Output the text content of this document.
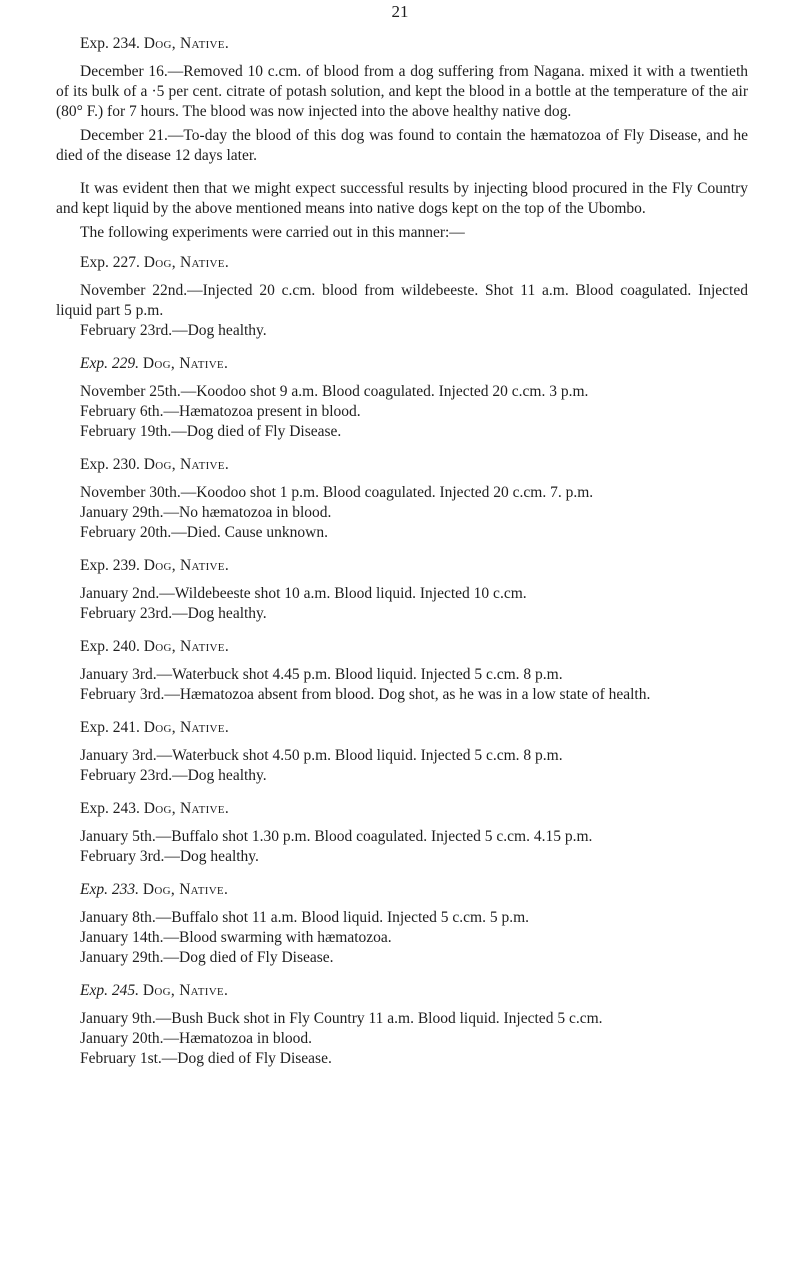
21
Exp. 234. Dog, Native.

December 16.—Removed 10 c.cm. of blood from a dog suffering from Nagana. mixed it with a twentieth of its bulk of a ·5 per cent. citrate of potash solution, and kept the blood in a bottle at the temperature of the air (80° F.) for 7 hours. The blood was now injected into the above healthy native dog.

December 21.—To-day the blood of this dog was found to contain the hæmatozoa of Fly Disease, and he died of the disease 12 days later.

It was evident then that we might expect successful results by injecting blood procured in the Fly Country and kept liquid by the above mentioned means into native dogs kept on the top of the Ubombo.

The following experiments were carried out in this manner:—

Exp. 227. Dog, Native.

November 22nd.—Injected 20 c.cm. blood from wildebeeste. Shot 11 a.m. Blood coagulated. Injected liquid part 5 p.m.

February 23rd.—Dog healthy.

Exp. 229. Dog, Native.

November 25th.—Koodoo shot 9 a.m. Blood coagulated. Injected 20 c.cm. 3 p.m.

February 6th.—Hæmatozoa present in blood.

February 19th.—Dog died of Fly Disease.

Exp. 230. Dog, Native.

November 30th.—Koodoo shot 1 p.m. Blood coagulated. Injected 20 c.cm. 7. p.m.

January 29th.—No hæmatozoa in blood.

February 20th.—Died. Cause unknown.

Exp. 239. Dog, Native.

January 2nd.—Wildebeeste shot 10 a.m. Blood liquid. Injected 10 c.cm.

February 23rd.—Dog healthy.

Exp. 240. Dog, Native.

January 3rd.—Waterbuck shot 4.45 p.m. Blood liquid. Injected 5 c.cm. 8 p.m.

February 3rd.—Hæmatozoa absent from blood. Dog shot, as he was in a low state of health.

Exp. 241. Dog, Native.

January 3rd.—Waterbuck shot 4.50 p.m. Blood liquid. Injected 5 c.cm. 8 p.m.

February 23rd.—Dog healthy.

Exp. 243. Dog, Native.

January 5th.—Buffalo shot 1.30 p.m. Blood coagulated. Injected 5 c.cm. 4.15 p.m.

February 3rd.—Dog healthy.

Exp. 233. Dog, Native.

January 8th.—Buffalo shot 11 a.m. Blood liquid. Injected 5 c.cm. 5 p.m.

January 14th.—Blood swarming with hæmatozoa.

January 29th.—Dog died of Fly Disease.

Exp. 245. Dog, Native.

January 9th.—Bush Buck shot in Fly Country 11 a.m. Blood liquid. Injected 5 c.cm.

January 20th.—Hæmatozoa in blood.

February 1st.—Dog died of Fly Disease.
